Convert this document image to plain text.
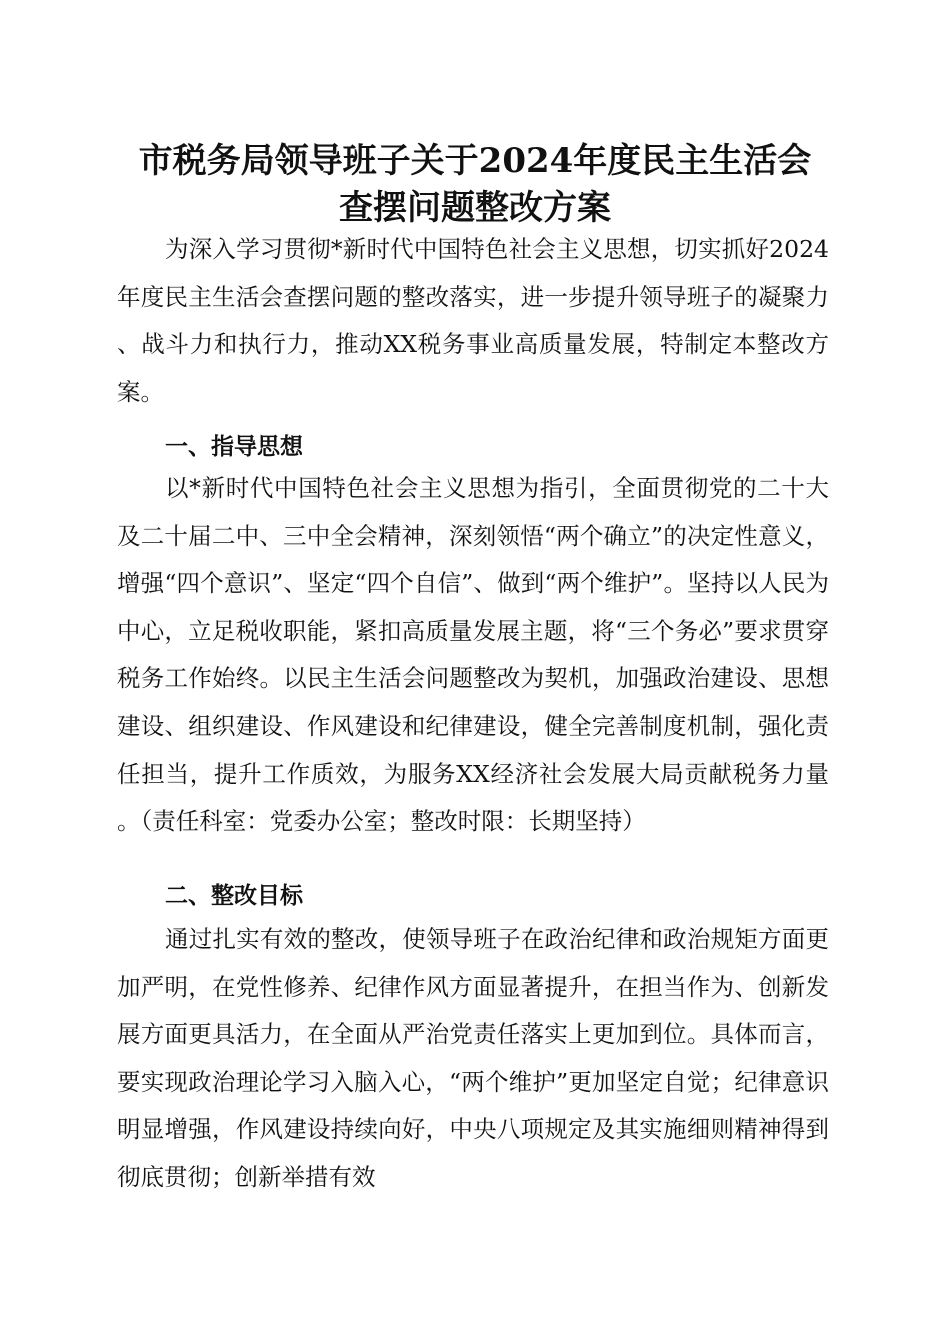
市税务局领导班子关于2024年度民主生活会
查摆问题整改方案

为深入学习贯彻*新时代中国特色社会主义思想，切实抓好2024年度民主生活会查摆问题的整改落实，进一步提升领导班子的凝聚力、战斗力和执行力，推动XX税务事业高质量发展，特制定本整改方案。

一、指导思想

以*新时代中国特色社会主义思想为指引，全面贯彻党的二十大及二十届二中、三中全会精神，深刻领悟“两个确立”的决定性意义，增强“四个意识”、坚定“四个自信”、做到“两个维护”。坚持以人民为中心，立足税收职能，紧扣高质量发展主题，将“三个务必”要求贯穿税务工作始终。以民主生活会问题整改为契机，加强政治建设、思想建设、组织建设、作风建设和纪律建设，健全完善制度机制，强化责任担当，提升工作质效，为服务XX经济社会发展大局贡献税务力量。（责任科室：党委办公室；整改时限：长期坚持）

二、整改目标

通过扎实有效的整改，使领导班子在政治纪律和政治规矩方面更加严明，在党性修养、纪律作风方面显著提升，在担当作为、创新发展方面更具活力，在全面从严治党责任落实上更加到位。具体而言，要实现政治理论学习入脑入心，“两个维护”更加坚定自觉；纪律意识明显增强，作风建设持续向好，中央八项规定及其实施细则精神得到彻底贯彻；创新举措有效
